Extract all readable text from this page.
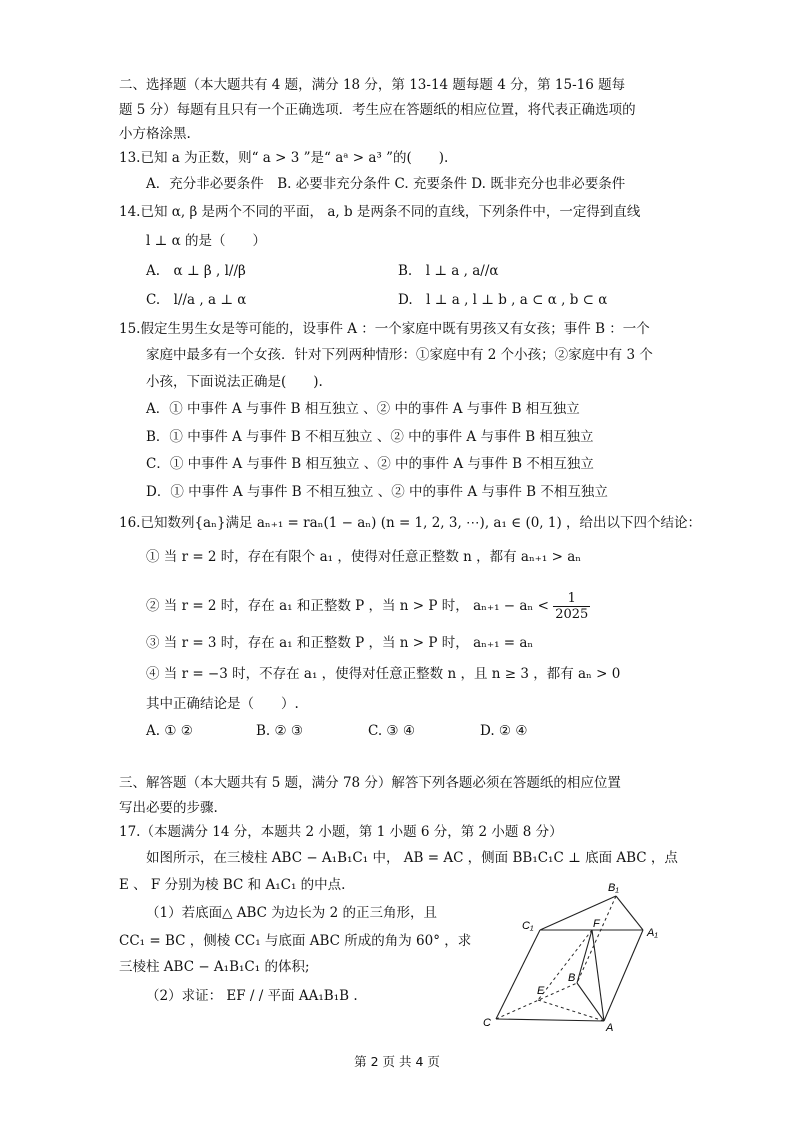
二、选择题（本大题共有 4 题，满分 18 分，第 13-14 题每题 4 分，第 15-16 题每
题 5 分）每题有且只有一个正确选项．考生应在答题纸的相应位置，将代表正确选项的
小方格涂黑.
13.已知 a 为正数，则“ a > 3 ”是“ aᵃ > a³ ”的(　　).
A．充分非必要条件　B. 必要非充分条件 C. 充要条件 D. 既非充分也非必要条件
14.已知 α, β 是两个不同的平面， a, b 是两条不同的直线，下列条件中，一定得到直线
l ⊥ α 的是（　　）
A.　α ⊥ β , l//β	B.　l ⊥ a , a//α
C.　l//a , a ⊥ α	D.　l ⊥ a , l ⊥ b , a ⊂ α , b ⊂ α
15.假定生男生女是等可能的，设事件 A ：一个家庭中既有男孩又有女孩；事件 B ：一个
家庭中最多有一个女孩．针对下列两种情形：①家庭中有 2 个小孩；②家庭中有 3 个
小孩，下面说法正确是(　　).
A．① 中事件 A 与事件 B 相互独立 、② 中的事件 A 与事件 B 相互独立
B．① 中事件 A 与事件 B 不相互独立 、② 中的事件 A 与事件 B 相互独立
C．① 中事件 A 与事件 B 相互独立 、② 中的事件 A 与事件 B 不相互独立
D．① 中事件 A 与事件 B 不相互独立 、② 中的事件 A 与事件 B 不相互独立
16.已知数列{aₙ}满足 aₙ₊₁ = raₙ(1 − aₙ) (n = 1, 2, 3, ⋯), a₁ ∈ (0, 1) ，给出以下四个结论：
① 当 r = 2 时，存在有限个 a₁ ，使得对任意正整数 n ，都有 aₙ₊₁ > aₙ
② 当 r = 2 时，存在 a₁ 和正整数 P ，当 n > P 时， $a_{n+1} - a_n < \frac{1}{2025}$
③ 当 r = 3 时，存在 a₁ 和正整数 P ，当 n > P 时， aₙ₊₁ = aₙ
④ 当 r = −3 时，不存在 a₁ ，使得对任意正整数 n ，且 n ≥ 3 ，都有 aₙ > 0
其中正确结论是（　　）.
A. ① ②	B. ② ③	C. ③ ④	D. ② ④
三、解答题（本大题共有 5 题，满分 78 分）解答下列各题必须在答题纸的相应位置
写出必要的步骤.
17.（本题满分 14 分，本题共 2 小题，第 1 小题 6 分，第 2 小题 8 分）
如图所示，在三棱柱 ABC − A₁B₁C₁ 中， AB = AC ，侧面 BB₁C₁C ⊥ 底面 ABC ，点
E 、 F 分别为棱 BC 和 A₁C₁ 的中点.
（1）若底面△ ABC 为边长为 2 的正三角形，且
CC₁ = BC ，侧棱 CC₁ 与底面 ABC 所成的角为 60° ，求
三棱柱 ABC − A₁B₁C₁ 的体积;
（2）求证： EF / / 平面 AA₁B₁B .
B₁
C₁	F
A₁
E
B
C	A
第 2 页 共 4 页
